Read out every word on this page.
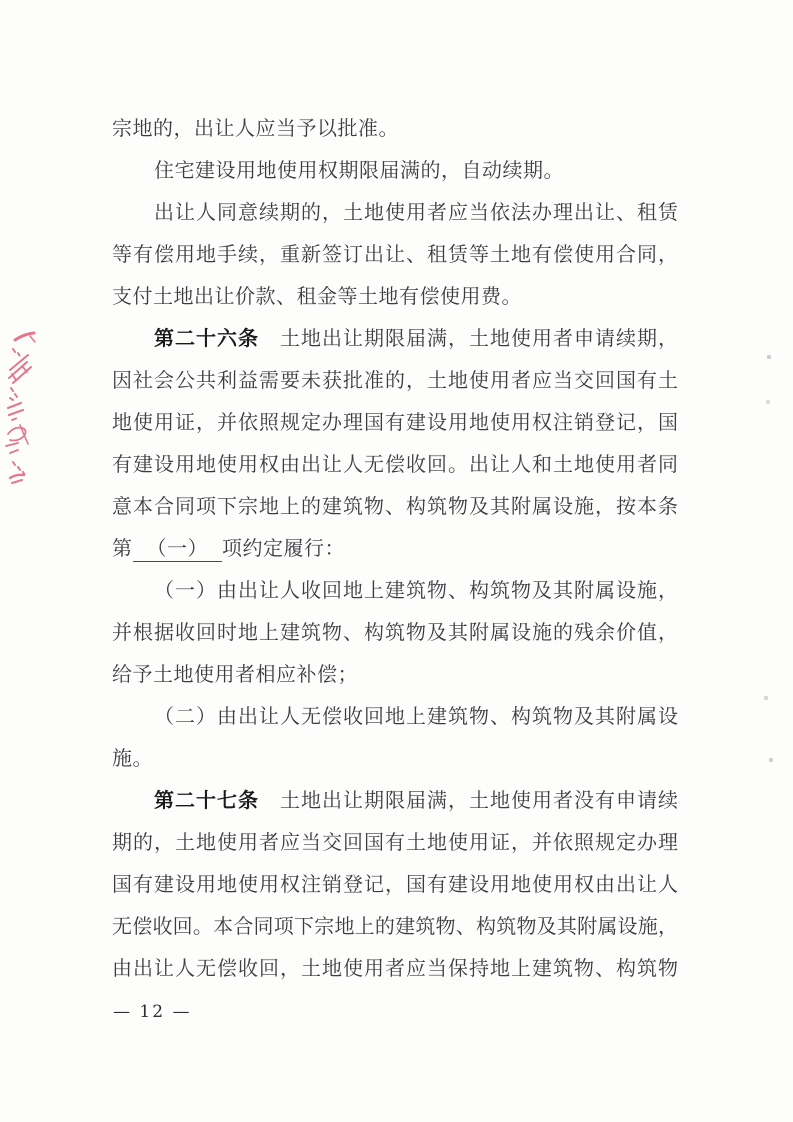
宗地的，出让人应当予以批准。
住宅建设用地使用权期限届满的，自动续期。
出让人同意续期的，土地使用者应当依法办理出让、租赁
等有偿用地手续，重新签订出让、租赁等土地有偿使用合同，
支付土地出让价款、租金等土地有偿使用费。
第二十六条　土地出让期限届满，土地使用者申请续期，
因社会公共利益需要未获批准的，土地使用者应当交回国有土
地使用证，并依照规定办理国有建设用地使用权注销登记，国
有建设用地使用权由出让人无偿收回。出让人和土地使用者同
意本合同项下宗地上的建筑物、构筑物及其附属设施，按本条
第 （一） 项约定履行：
（一）由出让人收回地上建筑物、构筑物及其附属设施，
并根据收回时地上建筑物、构筑物及其附属设施的残余价值，
给予土地使用者相应补偿；
（二）由出让人无偿收回地上建筑物、构筑物及其附属设
施。
第二十七条　土地出让期限届满，土地使用者没有申请续
期的，土地使用者应当交回国有土地使用证，并依照规定办理
国有建设用地使用权注销登记，国有建设用地使用权由出让人
无偿收回。本合同项下宗地上的建筑物、构筑物及其附属设施，
由出让人无偿收回，土地使用者应当保持地上建筑物、构筑物
— 12 —
